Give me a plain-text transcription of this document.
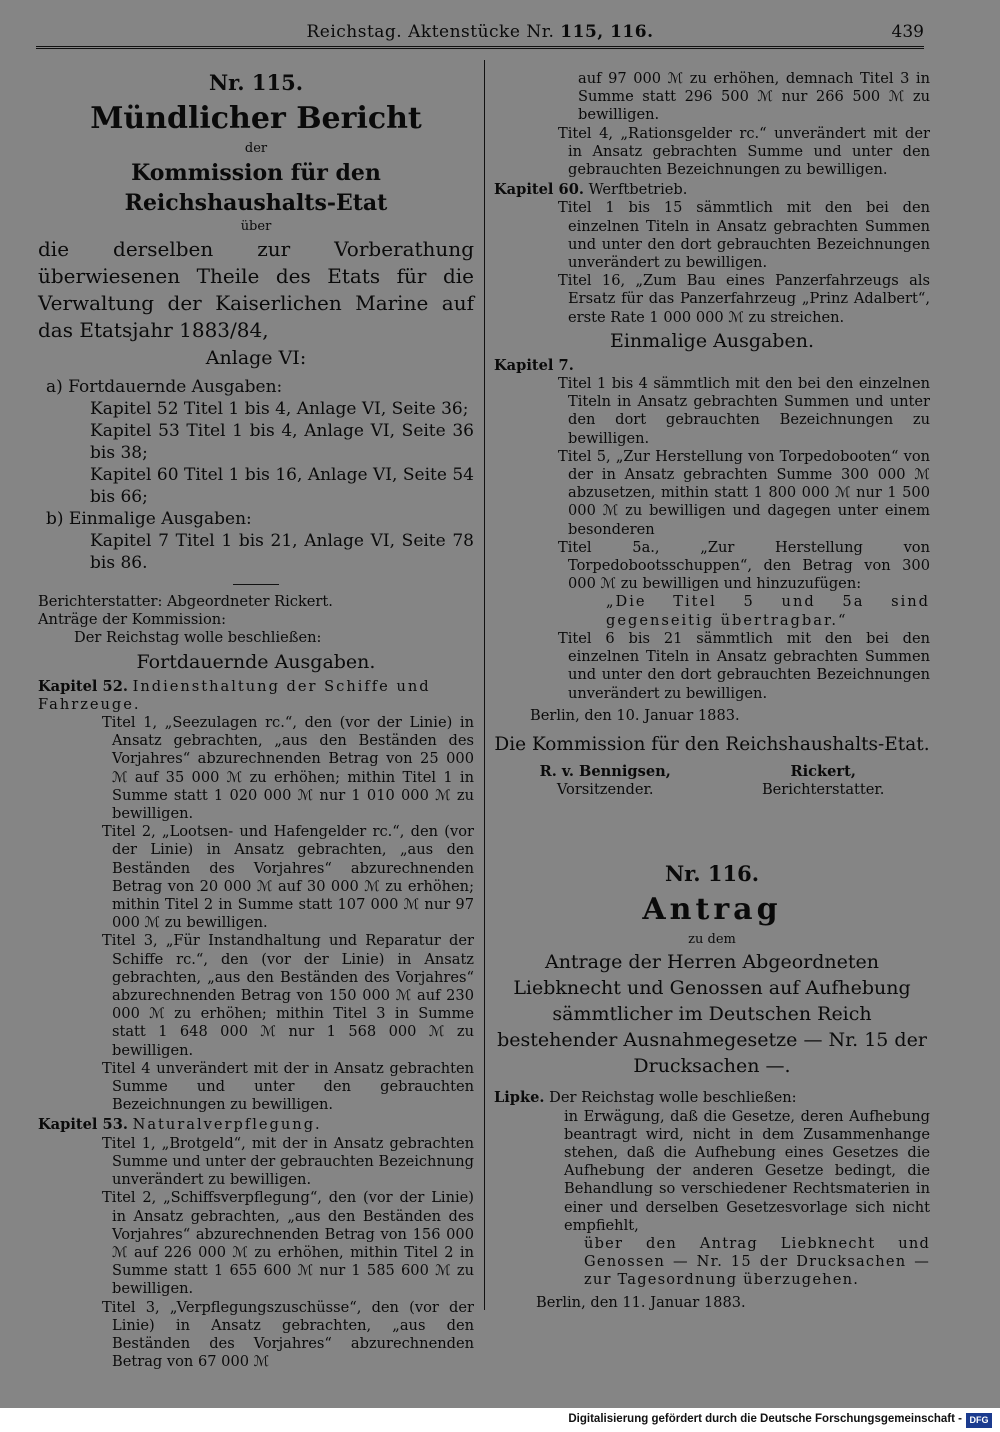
Reichstag. Aktenstücke Nr. 115, 116.	439
Nr. 115.
Mündlicher Bericht
der
Kommission für den Reichshaushalts-Etat
über

die derselben zur Vorberathung überwiesenen Theile des Etats für die Verwaltung der Kaiserlichen Marine auf das Etatsjahr 1883/84,

Anlage VI:
a) Fortdauernde Ausgaben:
Kapitel 52 Titel 1 bis 4, Anlage VI, Seite 36;
Kapitel 53 Titel 1 bis 4, Anlage VI, Seite 36 bis 38;
Kapitel 60 Titel 1 bis 16, Anlage VI, Seite 54 bis 66;
b) Einmalige Ausgaben:
Kapitel 7 Titel 1 bis 21, Anlage VI, Seite 78 bis 86.
Berichterstatter: Abgeordneter Rickert.
Anträge der Kommission:
Der Reichstag wolle beschließen:
Fortdauernde Ausgaben.
Kapitel 52. Indiensthaltung der Schiffe und Fahrzeuge.

Titel 1, „Seezulagen rc.“, den (vor der Linie) in Ansatz gebrachten, „aus den Beständen des Vorjahres“ abzurechnenden Betrag von 25 000 ℳ auf 35 000 ℳ zu erhöhen; mithin Titel 1 in Summe statt 1 020 000 ℳ nur 1 010 000 ℳ zu bewilligen.

Titel 2, „Lootsen- und Hafengelder rc.“, den (vor der Linie) in Ansatz gebrachten, „aus den Beständen des Vorjahres“ abzurechnenden Betrag von 20 000 ℳ auf 30 000 ℳ zu erhöhen; mithin Titel 2 in Summe statt 107 000 ℳ nur 97 000 ℳ zu bewilligen.

Titel 3, „Für Instandhaltung und Reparatur der Schiffe rc.“, den (vor der Linie) in Ansatz gebrachten, „aus den Beständen des Vorjahres“ abzurechnenden Betrag von 150 000 ℳ auf 230 000 ℳ zu erhöhen; mithin Titel 3 in Summe statt 1 648 000 ℳ nur 1 568 000 ℳ zu bewilligen.

Titel 4 unverändert mit der in Ansatz gebrachten Summe und unter den gebrauchten Bezeichnungen zu bewilligen.

Kapitel 53. Naturalverpflegung.

Titel 1, „Brotgeld“, mit der in Ansatz gebrachten Summe und unter der gebrauchten Bezeichnung unverändert zu bewilligen.

Titel 2, „Schiffsverpflegung“, den (vor der Linie) in Ansatz gebrachten, „aus den Beständen des Vorjahres“ abzurechnenden Betrag von 156 000 ℳ auf 226 000 ℳ zu erhöhen, mithin Titel 2 in Summe statt 1 655 600 ℳ nur 1 585 600 ℳ zu bewilligen.

Titel 3, „Verpflegungszuschüsse“, den (vor der Linie) in Ansatz gebrachten, „aus den Beständen des Vorjahres“ abzurechnenden Betrag von 67 000 ℳ

auf 97 000 ℳ zu erhöhen, demnach Titel 3 in Summe statt 296 500 ℳ nur 266 500 ℳ zu bewilligen.

Titel 4, „Rationsgelder rc.“ unverändert mit der in Ansatz gebrachten Summe und unter den gebrauchten Bezeichnungen zu bewilligen.

Kapitel 60. Werftbetrieb.

Titel 1 bis 15 sämmtlich mit den bei den einzelnen Titeln in Ansatz gebrachten Summen und unter den dort gebrauchten Bezeichnungen unverändert zu bewilligen.

Titel 16, „Zum Bau eines Panzerfahrzeugs als Ersatz für das Panzerfahrzeug „Prinz Adalbert“, erste Rate 1 000 000 ℳ zu streichen.

Einmalige Ausgaben.
Kapitel 7.

Titel 1 bis 4 sämmtlich mit den bei den einzelnen Titeln in Ansatz gebrachten Summen und unter den dort gebrauchten Bezeichnungen zu bewilligen.

Titel 5, „Zur Herstellung von Torpedobooten“ von der in Ansatz gebrachten Summe 300 000 ℳ abzusetzen, mithin statt 1 800 000 ℳ nur 1 500 000 ℳ zu bewilligen und dagegen unter einem besonderen

Titel 5a., „Zur Herstellung von Torpedobootsschuppen“, den Betrag von 300 000 ℳ zu bewilligen und hinzuzufügen:

„Die Titel 5 und 5a sind gegenseitig übertragbar.“

Titel 6 bis 21 sämmtlich mit den bei den einzelnen Titeln in Ansatz gebrachten Summen und unter den dort gebrauchten Bezeichnungen unverändert zu bewilligen.

Berlin, den 10. Januar 1883.
Die Kommission für den Reichshaushalts-Etat.
R. v. Bennigsen,
Vorsitzender.
Rickert,
Berichterstatter.
Nr. 116.
Antrag
zu dem

Antrage der Herren Abgeordneten Liebknecht und Genossen auf Aufhebung sämmtlicher im Deutschen Reich bestehender Ausnahmegesetze — Nr. 15 der Drucksachen —.

Lipke. Der Reichstag wolle beschließen:

in Erwägung, daß die Gesetze, deren Aufhebung beantragt wird, nicht in dem Zusammenhange stehen, daß die Aufhebung eines Gesetzes die Aufhebung der anderen Gesetze bedingt, die Behandlung so verschiedener Rechtsmaterien in einer und derselben Gesetzesvorlage sich nicht empfiehlt,

über den Antrag Liebknecht und Genossen — Nr. 15 der Drucksachen — zur Tagesordnung überzugehen.

Berlin, den 11. Januar 1883.
Digitalisierung gefördert durch die Deutsche Forschungsgemeinschaft - DFG
